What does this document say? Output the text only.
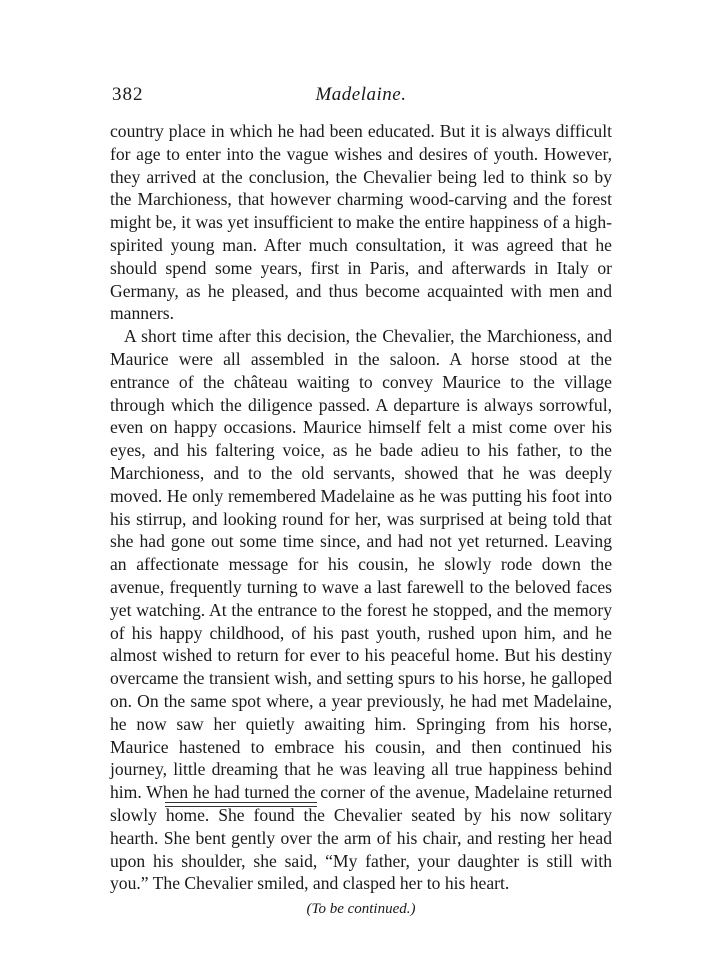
382	Madelaine.

country place in which he had been educated. But it is always difficult for age to enter into the vague wishes and desires of youth. However, they arrived at the conclusion, the Chevalier being led to think so by the Marchioness, that however charming wood-carving and the forest might be, it was yet insufficient to make the entire happiness of a high-spirited young man. After much consultation, it was agreed that he should spend some years, first in Paris, and afterwards in Italy or Germany, as he pleased, and thus become acquainted with men and manners.

A short time after this decision, the Chevalier, the Marchioness, and Maurice were all assembled in the saloon. A horse stood at the entrance of the château waiting to convey Maurice to the village through which the diligence passed. A departure is always sorrowful, even on happy occasions. Maurice himself felt a mist come over his eyes, and his faltering voice, as he bade adieu to his father, to the Marchioness, and to the old servants, showed that he was deeply moved. He only remembered Madelaine as he was putting his foot into his stirrup, and looking round for her, was surprised at being told that she had gone out some time since, and had not yet returned. Leaving an affectionate message for his cousin, he slowly rode down the avenue, frequently turning to wave a last farewell to the beloved faces yet watching. At the entrance to the forest he stopped, and the memory of his happy childhood, of his past youth, rushed upon him, and he almost wished to return for ever to his peaceful home. But his destiny overcame the transient wish, and setting spurs to his horse, he galloped on. On the same spot where, a year previously, he had met Madelaine, he now saw her quietly awaiting him. Springing from his horse, Maurice hastened to embrace his cousin, and then continued his journey, little dreaming that he was leaving all true happiness behind him. When he had turned the corner of the avenue, Madelaine returned slowly home. She found the Chevalier seated by his now solitary hearth. She bent gently over the arm of his chair, and resting her head upon his shoulder, she said, “My father, your daughter is still with you.” The Chevalier smiled, and clasped her to his heart.

(To be continued.)
